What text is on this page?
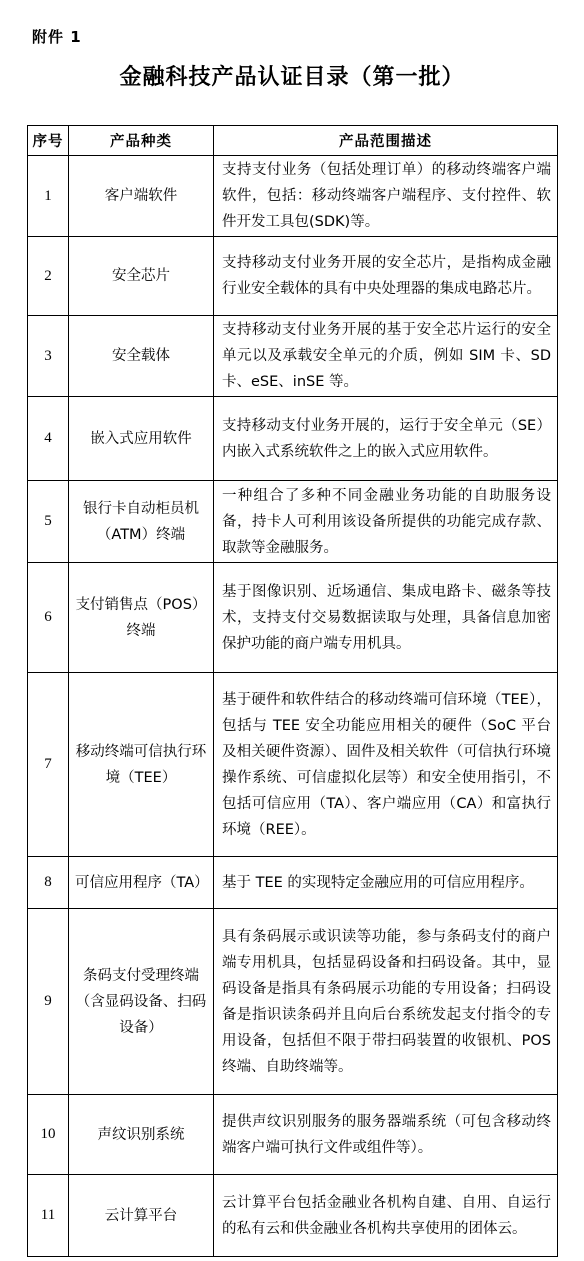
附件 1
金融科技产品认证目录（第一批）
序号	产品种类	产品范围描述
1	客户端软件	支持支付业务（包括处理订单）的移动终端客户端软件，包括：移动终端客户端程序、支付控件、软件开发工具包(SDK)等。
2	安全芯片	支持移动支付业务开展的安全芯片，是指构成金融行业安全载体的具有中央处理器的集成电路芯片。
3	安全载体	支持移动支付业务开展的基于安全芯片运行的安全单元以及承载安全单元的介质，例如 SIM 卡、SD 卡、eSE、inSE 等。
4	嵌入式应用软件	支持移动支付业务开展的，运行于安全单元（SE）内嵌入式系统软件之上的嵌入式应用软件。
5	银行卡自动柜员机（ATM）终端	一种组合了多种不同金融业务功能的自助服务设备，持卡人可利用该设备所提供的功能完成存款、取款等金融服务。
6	支付销售点（POS）终端	基于图像识别、近场通信、集成电路卡、磁条等技术，支持支付交易数据读取与处理，具备信息加密保护功能的商户端专用机具。
7	移动终端可信执行环境（TEE）	基于硬件和软件结合的移动终端可信环境（TEE），包括与 TEE 安全功能应用相关的硬件（SoC 平台及相关硬件资源）、固件及相关软件（可信执行环境操作系统、可信虚拟化层等）和安全使用指引，不包括可信应用（TA）、客户端应用（CA）和富执行环境（REE）。
8	可信应用程序（TA）	基于 TEE 的实现特定金融应用的可信应用程序。
9	条码支付受理终端（含显码设备、扫码设备）	具有条码展示或识读等功能，参与条码支付的商户端专用机具，包括显码设备和扫码设备。其中，显码设备是指具有条码展示功能的专用设备；扫码设备是指识读条码并且向后台系统发起支付指令的专用设备，包括但不限于带扫码装置的收银机、POS 终端、自助终端等。
10	声纹识别系统	提供声纹识别服务的服务器端系统（可包含移动终端客户端可执行文件或组件等）。
11	云计算平台	云计算平台包括金融业各机构自建、自用、自运行的私有云和供金融业各机构共享使用的团体云。
